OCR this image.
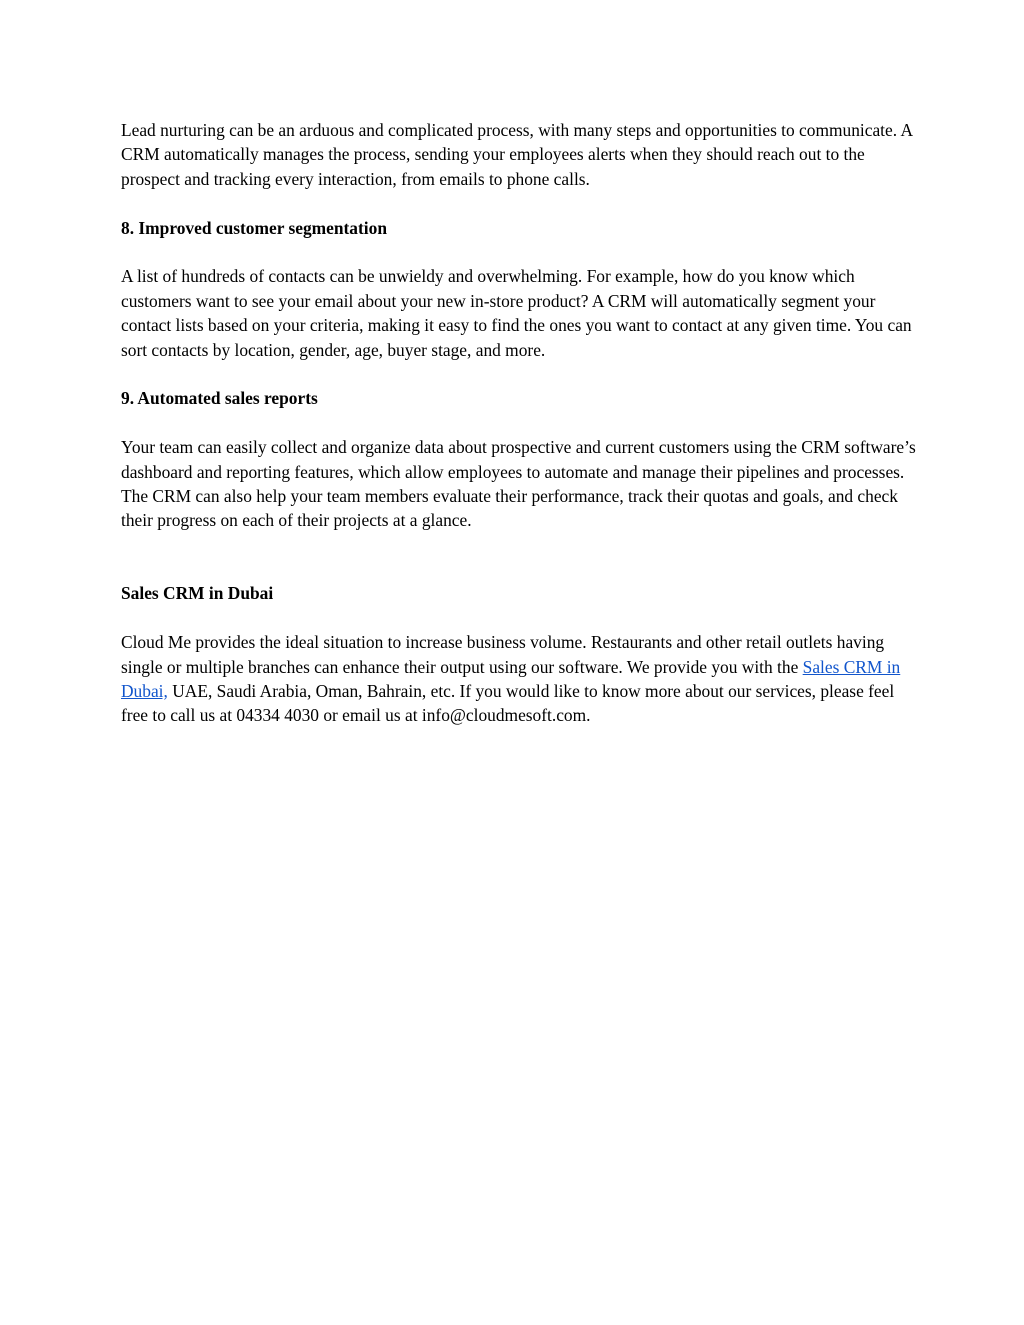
Lead nurturing can be an arduous and complicated process, with many steps and opportunities to communicate. A CRM automatically manages the process, sending your employees alerts when they should reach out to the prospect and tracking every interaction, from emails to phone calls.

8. Improved customer segmentation

A list of hundreds of contacts can be unwieldy and overwhelming. For example, how do you know which customers want to see your email about your new in-store product? A CRM will automatically segment your contact lists based on your criteria, making it easy to find the ones you want to contact at any given time. You can sort contacts by location, gender, age, buyer stage, and more.

9. Automated sales reports

Your team can easily collect and organize data about prospective and current customers using the CRM software’s dashboard and reporting features, which allow employees to automate and manage their pipelines and processes. The CRM can also help your team members evaluate their performance, track their quotas and goals, and check their progress on each of their projects at a glance.

Sales CRM in Dubai

Cloud Me provides the ideal situation to increase business volume. Restaurants and other retail outlets having single or multiple branches can enhance their output using our software. We provide you with the Sales CRM in Dubai, UAE, Saudi Arabia, Oman, Bahrain, etc. If you would like to know more about our services, please feel free to call us at 04334 4030 or email us at info@cloudmesoft.com.
